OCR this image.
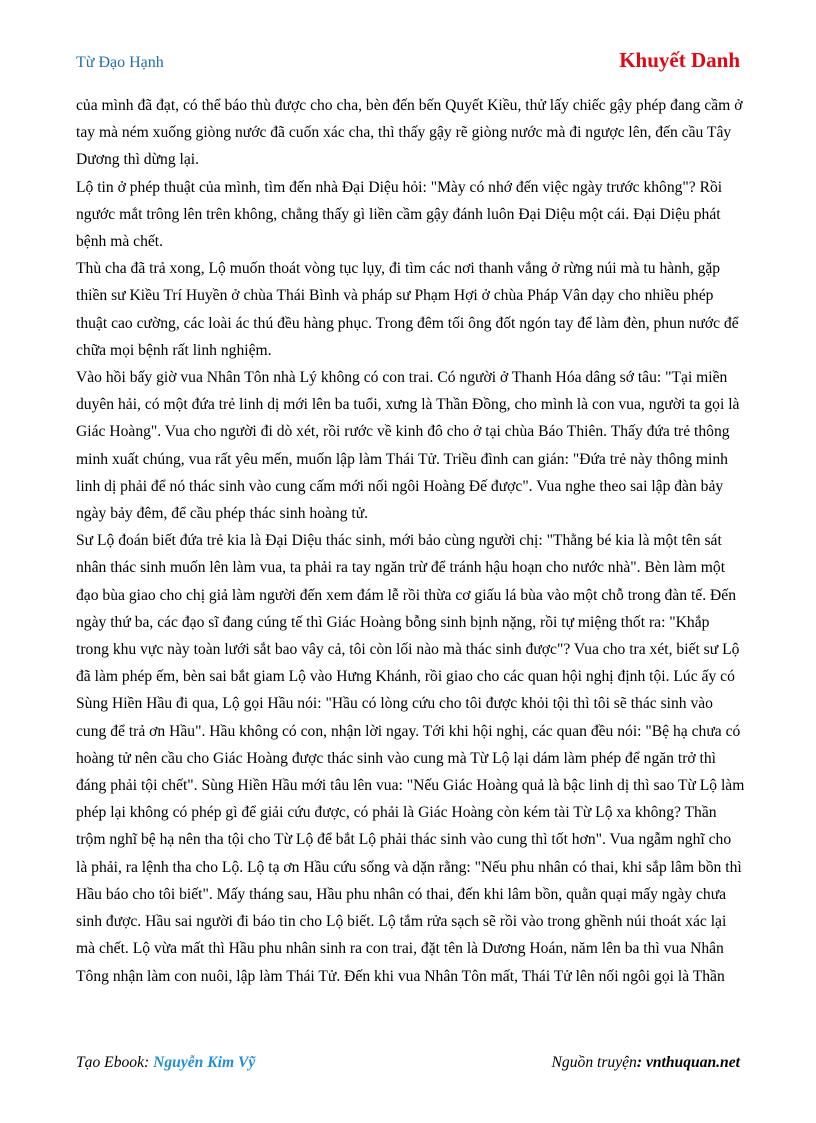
Từ Đạo Hạnh	Khuyết Danh

của mình đã đạt, có thể báo thù được cho cha, bèn đến bến Quyết Kiều, thử lấy chiếc gậy phép đang cầm ở tay mà ném xuống giòng nước đã cuốn xác cha, thì thấy gậy rẽ giòng nước mà đi ngược lên, đến cầu Tây Dương thì dừng lại.

Lộ tin ở phép thuật của mình, tìm đến nhà Đại Diệu hỏi: "Mày có nhớ đến việc ngày trước không"? Rồi ngước mắt trông lên trên không, chẳng thấy gì liền cầm gậy đánh luôn Đại Diệu một cái. Đại Diệu phát bệnh mà chết.

Thù cha đã trả xong, Lộ muốn thoát vòng tục lụy, đi tìm các nơi thanh vắng ở rừng núi mà tu hành, gặp thiền sư Kiều Trí Huyền ở chùa Thái Bình và pháp sư Phạm Hợi ở chùa Pháp Vân dạy cho nhiều phép thuật cao cường, các loài ác thú đều hàng phục. Trong đêm tối ông đốt ngón tay để làm đèn, phun nước để chữa mọi bệnh rất linh nghiệm.

Vào hồi bấy giờ vua Nhân Tôn nhà Lý không có con trai. Có người ở Thanh Hóa dâng sớ tâu: "Tại miền duyên hải, có một đứa trẻ linh dị mới lên ba tuổi, xưng là Thần Đồng, cho mình là con vua, người ta gọi là Giác Hoàng". Vua cho người đi dò xét, rồi rước về kinh đô cho ở tại chùa Báo Thiên. Thấy đứa trẻ thông minh xuất chúng, vua rất yêu mến, muốn lập làm Thái Tử. Triều đình can gián: "Đứa trẻ này thông minh linh dị phải để nó thác sinh vào cung cấm mới nối ngôi Hoàng Đế được". Vua nghe theo sai lập đàn bảy ngày bảy đêm, để cầu phép thác sinh hoàng tử.

Sư Lộ đoán biết đứa trẻ kia là Đại Diệu thác sinh, mới bảo cùng người chị: "Thằng bé kia là một tên sát nhân thác sinh muốn lên làm vua, ta phải ra tay ngăn trừ để tránh hậu hoạn cho nước nhà". Bèn làm một đạo bùa giao cho chị giả làm người đến xem đám lễ rồi thừa cơ giấu lá bùa vào một chỗ trong đàn tế. Đến ngày thứ ba, các đạo sĩ đang cúng tế thì Giác Hoàng bỗng sinh bịnh nặng, rồi tự miệng thốt ra: "Khắp trong khu vực này toàn lưới sắt bao vây cả, tôi còn lối nào mà thác sinh được"? Vua cho tra xét, biết sư Lộ đã làm phép ếm, bèn sai bắt giam Lộ vào Hưng Khánh, rồi giao cho các quan hội nghị định tội. Lúc ấy có Sùng Hiền Hầu đi qua, Lộ gọi Hầu nói: "Hầu có lòng cứu cho tôi được khỏi tội thì tôi sẽ thác sinh vào cung để trả ơn Hầu". Hầu không có con, nhận lời ngay. Tới khi hội nghị, các quan đều nói: "Bệ hạ chưa có hoàng tử nên cầu cho Giác Hoàng được thác sinh vào cung mà Từ Lộ lại dám làm phép để ngăn trở thì đáng phải tội chết". Sùng Hiền Hầu mới tâu lên vua: "Nếu Giác Hoàng quả là bậc linh dị thì sao Từ Lộ làm phép lại không có phép gì để giải cứu được, có phải là Giác Hoàng còn kém tài Từ Lộ xa không? Thần trộm nghĩ bệ hạ nên tha tội cho Từ Lộ để bắt Lộ phải thác sinh vào cung thì tốt hơn". Vua ngẫm nghĩ cho là phải, ra lệnh tha cho Lộ. Lộ tạ ơn Hầu cứu sống và dặn rằng: "Nếu phu nhân có thai, khi sắp lâm bồn thì Hầu báo cho tôi biết". Mấy tháng sau, Hầu phu nhân có thai, đến khi lâm bồn, quằn quại mấy ngày chưa sinh được. Hầu sai người đi báo tin cho Lộ biết. Lộ tắm rửa sạch sẽ rồi vào trong ghềnh núi thoát xác lại mà chết. Lộ vừa mất thì Hầu phu nhân sinh ra con trai, đặt tên là Dương Hoán, năm lên ba thì vua Nhân Tông nhận làm con nuôi, lập làm Thái Tử. Đến khi vua Nhân Tôn mất, Thái Tử lên nối ngôi gọi là Thần

Tạo Ebook: Nguyễn Kim Vỹ	Nguồn truyện: vnthuquan.net
